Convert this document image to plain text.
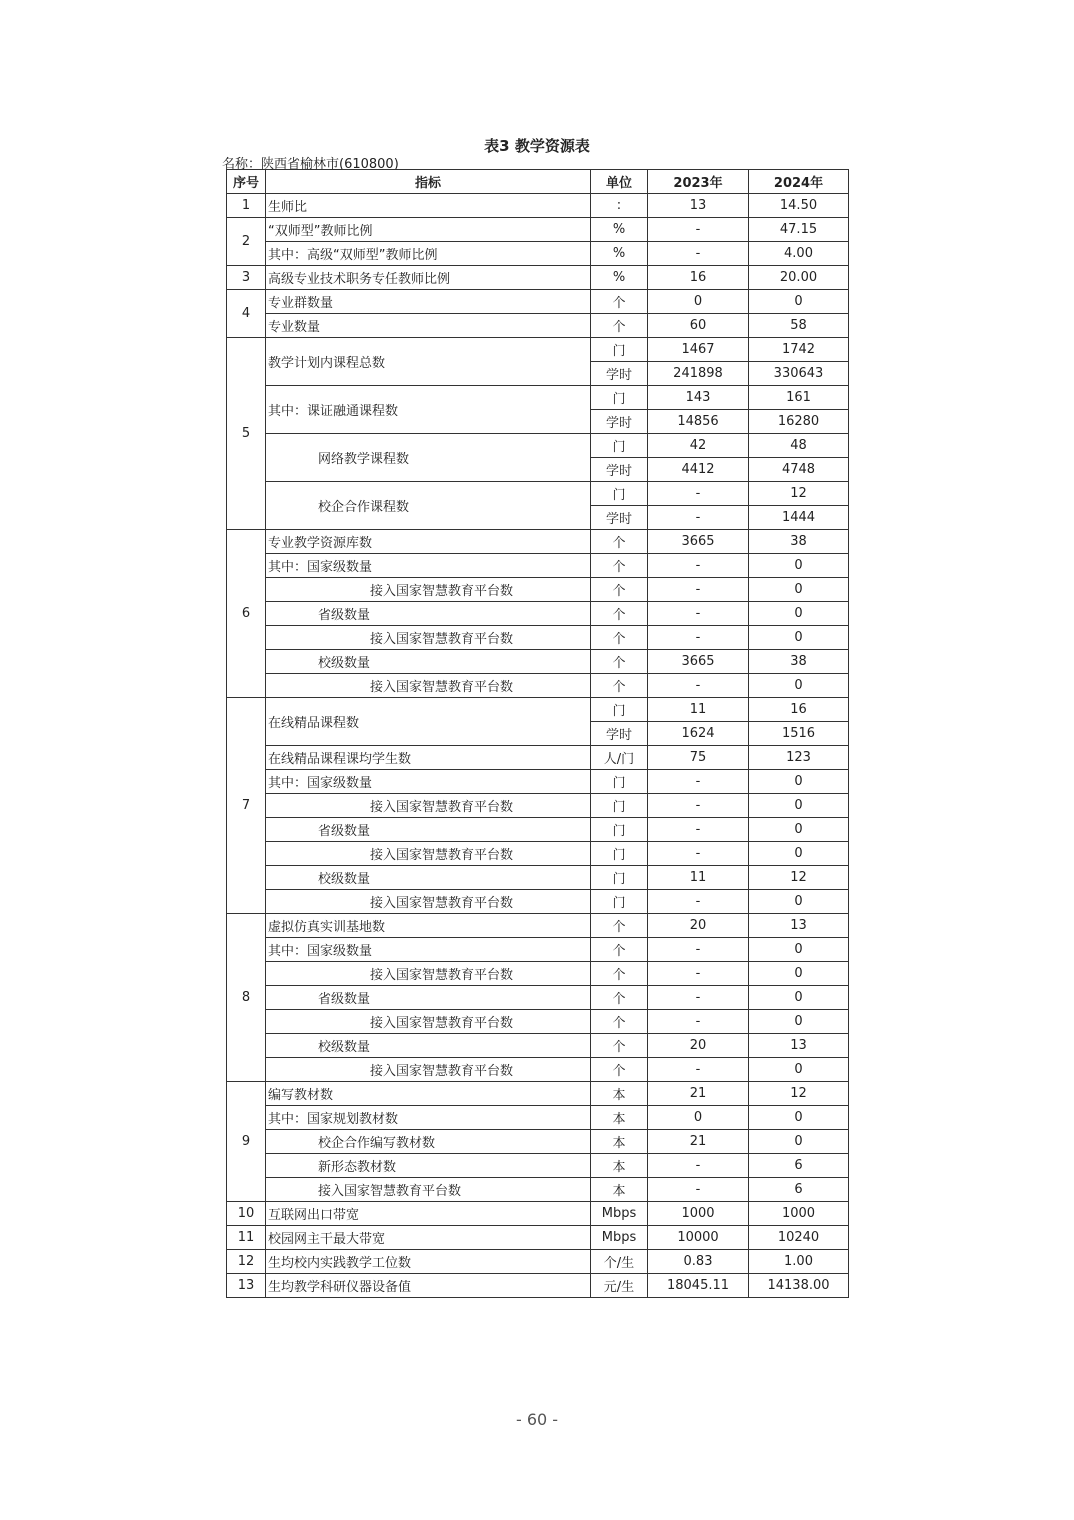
表3 教学资源表
名称：陕西省榆林市(610800)
序号	指标	单位	2023年	2024年
1	生师比	:	13	14.50
2	“双师型”教师比例	%	-	47.15
	其中：高级“双师型”教师比例	%	-	4.00
3	高级专业技术职务专任教师比例	%	16	20.00
4	专业群数量	个	0	0
	专业数量	个	60	58
5	教学计划内课程总数	门	1467	1742
		学时	241898	330643
	其中：课证融通课程数	门	143	161
		学时	14856	16280
	网络教学课程数	门	42	48
		学时	4412	4748
	校企合作课程数	门	-	12
		学时	-	1444
6	专业教学资源库数	个	3665	38
	其中：国家级数量	个	-	0
	接入国家智慧教育平台数	个	-	0
	省级数量	个	-	0
	接入国家智慧教育平台数	个	-	0
	校级数量	个	3665	38
	接入国家智慧教育平台数	个	-	0
7	在线精品课程数	门	11	16
		学时	1624	1516
	在线精品课程课均学生数	人/门	75	123
	其中：国家级数量	门	-	0
	接入国家智慧教育平台数	门	-	0
	省级数量	门	-	0
	接入国家智慧教育平台数	门	-	0
	校级数量	门	11	12
	接入国家智慧教育平台数	门	-	0
8	虚拟仿真实训基地数	个	20	13
	其中：国家级数量	个	-	0
	接入国家智慧教育平台数	个	-	0
	省级数量	个	-	0
	接入国家智慧教育平台数	个	-	0
	校级数量	个	20	13
	接入国家智慧教育平台数	个	-	0
9	编写教材数	本	21	12
	其中：国家规划教材数	本	0	0
	校企合作编写教材数	本	21	0
	新形态教材数	本	-	6
	接入国家智慧教育平台数	本	-	6
10	互联网出口带宽	Mbps	1000	1000
11	校园网主干最大带宽	Mbps	10000	10240
12	生均校内实践教学工位数	个/生	0.83	1.00
13	生均教学科研仪器设备值	元/生	18045.11	14138.00
- 60 -
